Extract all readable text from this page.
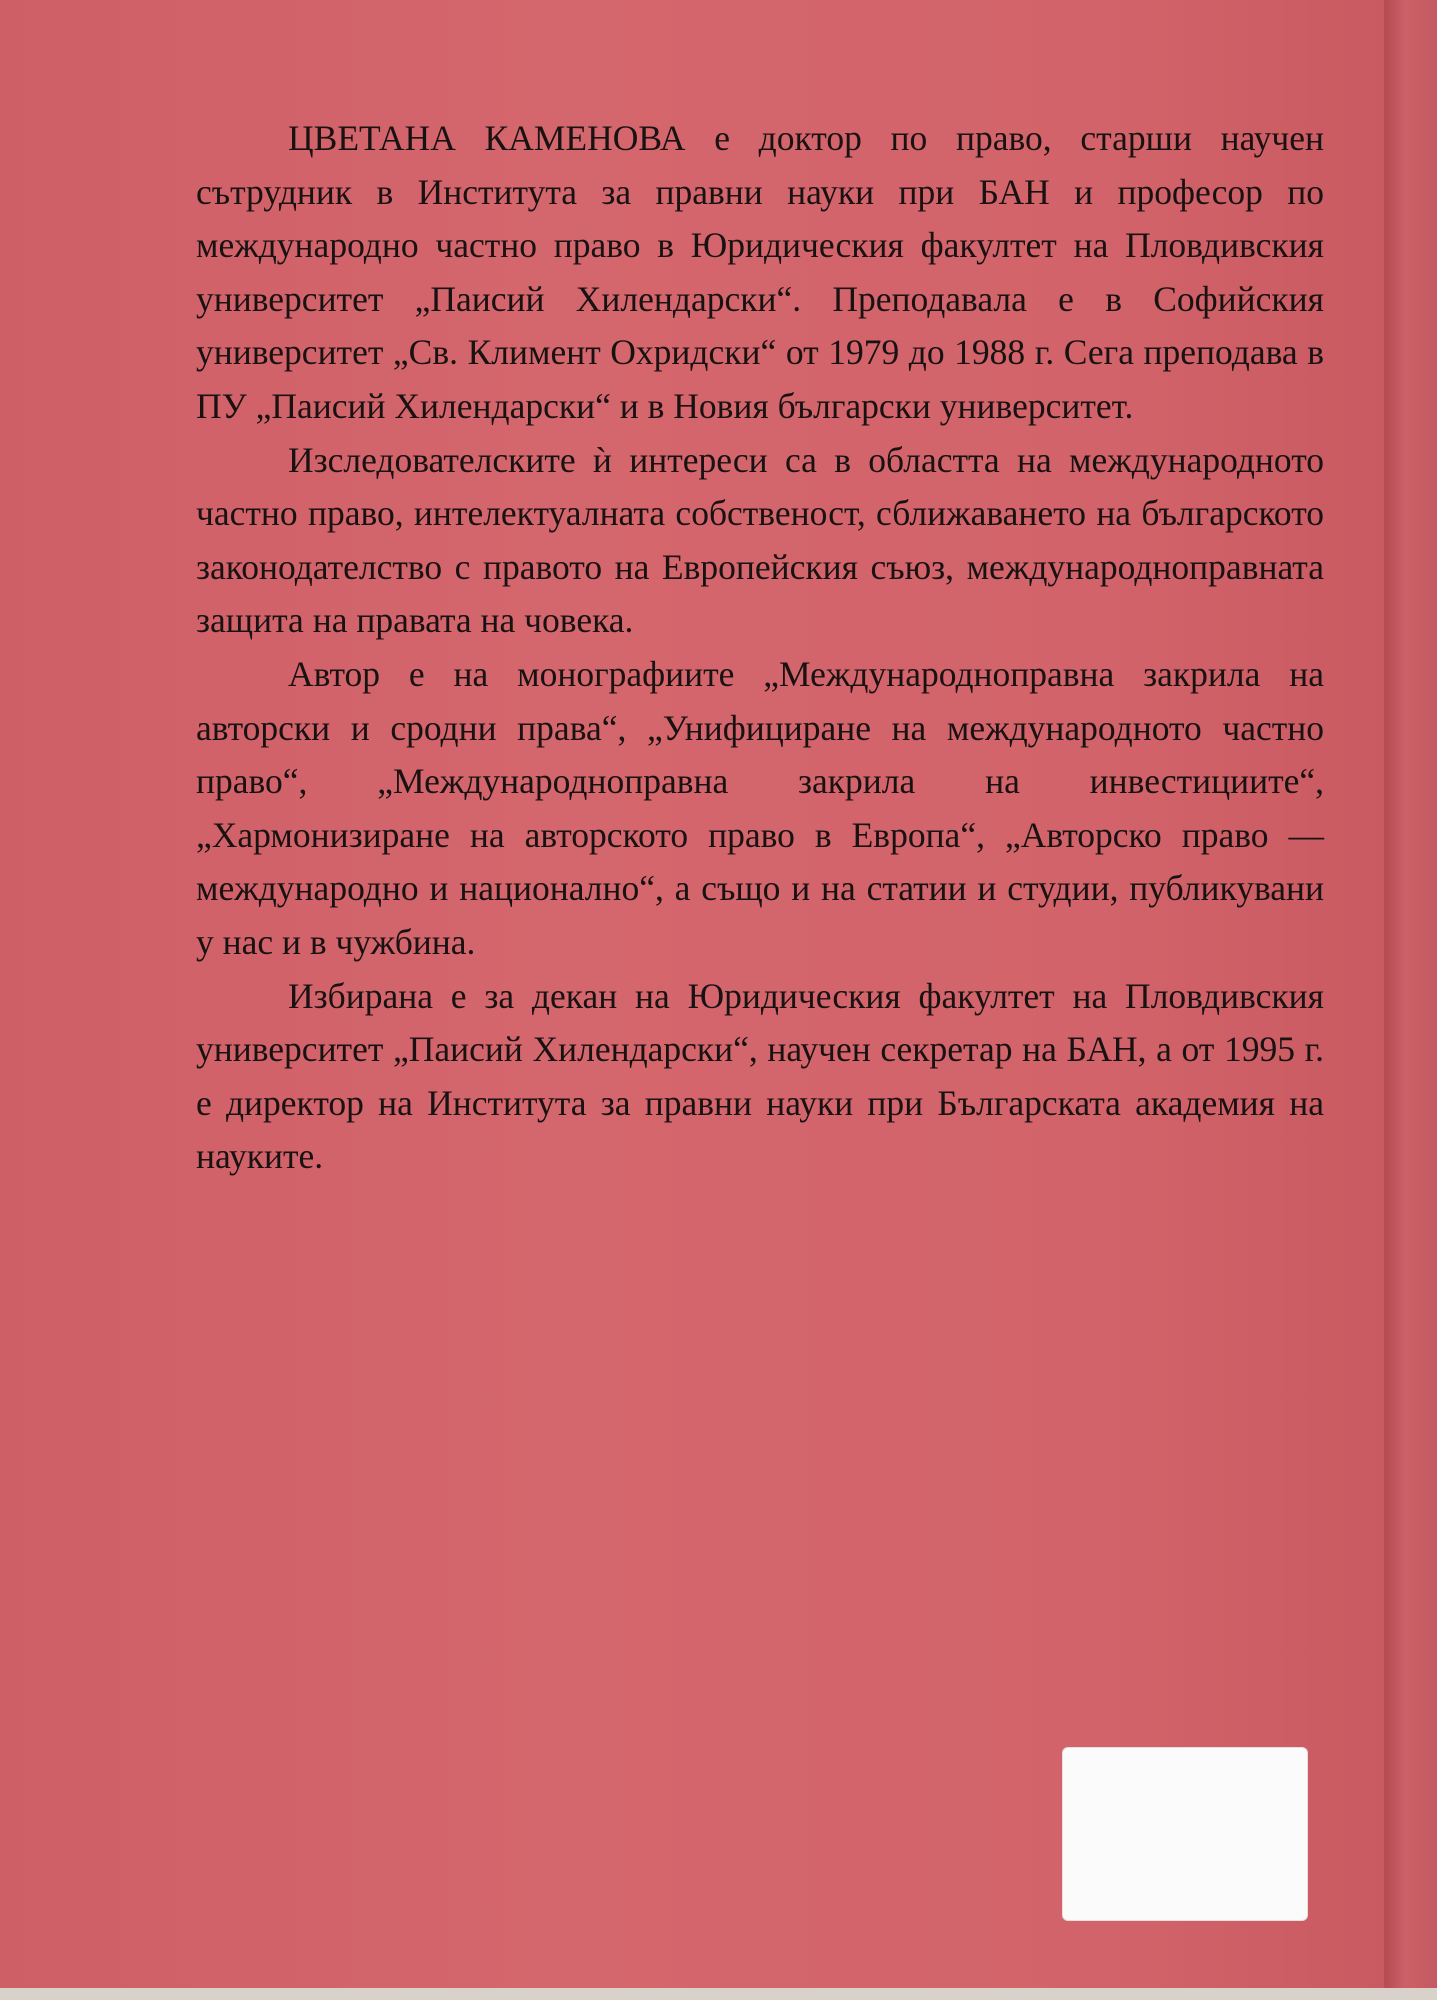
ЦВЕТАНА КАМЕНОВА е доктор по право, старши научен сътрудник в Института за правни науки при БАН и професор по международно частно право в Юридическия факултет на Пловдивския университет „Паисий Хилендарски“. Преподавала е в Софийския университет „Св. Климент Охридски“ от 1979 до 1988 г. Сега преподава в ПУ „Паисий Хилендарски“ и в Новия български университет.

Изследователските ѝ интереси са в областта на международното частно право, интелектуалната собственост, сближаването на българското законодателство с правото на Европейския съюз, международноправната защита на правата на човека.

Автор е на монографиите „Международноправна закрила на авторски и сродни права“, „Унифициране на международното частно право“, „Международноправна закрила на инвестициите“, „Хармонизиране на авторското право в Европа“, „Авторско право — международно и национално“, а също и на статии и студии, публикувани у нас и в чужбина.

Избирана е за декан на Юридическия факултет на Пловдивския университет „Паисий Хилендарски“, научен секретар на БАН, а от 1995 г. е директор на Института за правни науки при Българската академия на науките.
